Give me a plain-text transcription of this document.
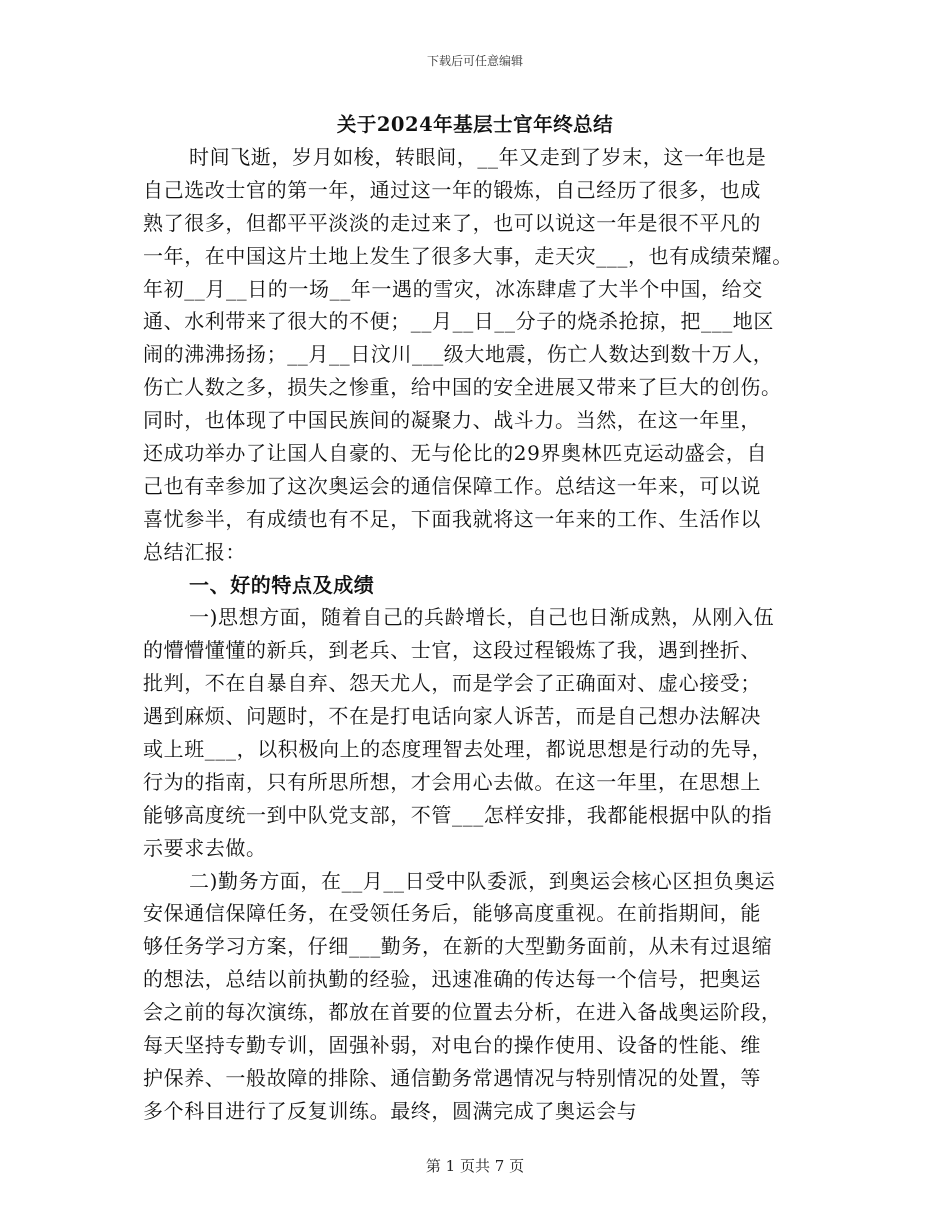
下载后可任意编辑
关于2024年基层士官年终总结
时间飞逝，岁月如梭，转眼间，__年又走到了岁末，这一年也是
自己选改士官的第一年，通过这一年的锻炼，自己经历了很多，也成
熟了很多，但都平平淡淡的走过来了，也可以说这一年是很不平凡的
一年，在中国这片土地上发生了很多大事，走天灾___，也有成绩荣耀。
年初__月__日的一场__年一遇的雪灾，冰冻肆虐了大半个中国，给交
通、水利带来了很大的不便；__月__日__分子的烧杀抢掠，把___地区
闹的沸沸扬扬；__月__日汶川___级大地震，伤亡人数达到数十万人，
伤亡人数之多，损失之惨重，给中国的安全进展又带来了巨大的创伤。
同时，也体现了中国民族间的凝聚力、战斗力。当然，在这一年里，
还成功举办了让国人自豪的、无与伦比的29界奥林匹克运动盛会，自
己也有幸参加了这次奥运会的通信保障工作。总结这一年来，可以说
喜忧参半，有成绩也有不足，下面我就将这一年来的工作、生活作以
总结汇报：
一、好的特点及成绩
一)思想方面，随着自己的兵龄增长，自己也日渐成熟，从刚入伍
的懵懵懂懂的新兵，到老兵、士官，这段过程锻炼了我，遇到挫折、
批判，不在自暴自弃、怨天尤人，而是学会了正确面对、虚心接受；
遇到麻烦、问题时，不在是打电话向家人诉苦，而是自己想办法解决
或上班___，以积极向上的态度理智去处理，都说思想是行动的先导，
行为的指南，只有所思所想，才会用心去做。在这一年里，在思想上
能够高度统一到中队党支部，不管___怎样安排，我都能根据中队的指
示要求去做。
二)勤务方面，在__月__日受中队委派，到奥运会核心区担负奥运
安保通信保障任务，在受领任务后，能够高度重视。在前指期间，能
够任务学习方案，仔细___勤务，在新的大型勤务面前，从未有过退缩
的想法，总结以前执勤的经验，迅速准确的传达每一个信号，把奥运
会之前的每次演练，都放在首要的位置去分析，在进入备战奥运阶段，
每天坚持专勤专训，固强补弱，对电台的操作使用、设备的性能、维
护保养、一般故障的排除、通信勤务常遇情况与特别情况的处置，等
多个科目进行了反复训练。最终，圆满完成了奥运会与
第 1 页共 7 页
